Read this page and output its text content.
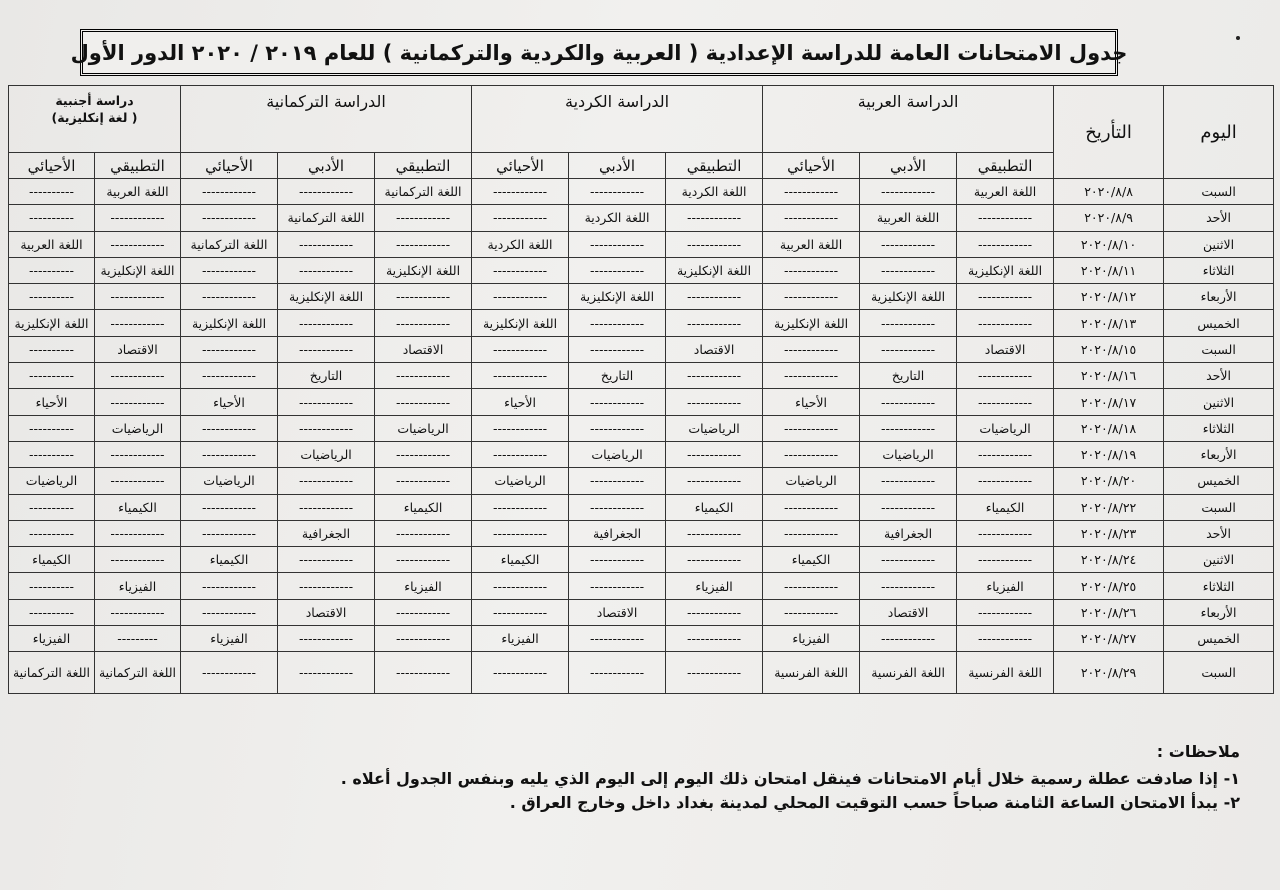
جدول الامتحانات العامة للدراسة الإعدادية ( العربية والكردية والتركمانية ) للعام ٢٠١٩ / ٢٠٢٠ الدور الأول
اليوم	التأريخ	الدراسة العربية			الدراسة الكردية			الدراسة التركمانية			دراسة أجنبية
( لغة إنكليزية)	
		التطبيقي	الأدبي	الأحيائي	التطبيقي	الأدبي	الأحيائي	التطبيقي	الأدبي	الأحيائي	التطبيقي	الأحيائي
السبت	٢٠٢٠/٨/٨	اللغة العربية	------------	------------	اللغة الكردية	------------	------------	اللغة التركمانية	------------	------------	اللغة العربية	----------
الأحد	٢٠٢٠/٨/٩	------------	اللغة العربية	------------	------------	اللغة الكردية	------------	------------	اللغة التركمانية	------------	------------	----------
الاثنين	٢٠٢٠/٨/١٠	------------	------------	اللغة العربية	------------	------------	اللغة الكردية	------------	------------	اللغة التركمانية	------------	اللغة العربية
الثلاثاء	٢٠٢٠/٨/١١	اللغة الإنكليزية	------------	------------	اللغة الإنكليزية	------------	------------	اللغة الإنكليزية	------------	------------	اللغة الإنكليزية	----------
الأربعاء	٢٠٢٠/٨/١٢	------------	اللغة الإنكليزية	------------	------------	اللغة الإنكليزية	------------	------------	اللغة الإنكليزية	------------	------------	----------
الخميس	٢٠٢٠/٨/١٣	------------	------------	اللغة الإنكليزية	------------	------------	اللغة الإنكليزية	------------	------------	اللغة الإنكليزية	------------	اللغة الإنكليزية
السبت	٢٠٢٠/٨/١٥	الاقتصاد	------------	------------	الاقتصاد	------------	------------	الاقتصاد	------------	------------	الاقتصاد	----------
الأحد	٢٠٢٠/٨/١٦	------------	التاريخ	------------	------------	التاريخ	------------	------------	التاريخ	------------	------------	----------
الاثنين	٢٠٢٠/٨/١٧	------------	------------	الأحياء	------------	------------	الأحياء	------------	------------	الأحياء	------------	الأحياء
الثلاثاء	٢٠٢٠/٨/١٨	الرياضيات	------------	------------	الرياضيات	------------	------------	الرياضيات	------------	------------	الرياضيات	----------
الأربعاء	٢٠٢٠/٨/١٩	------------	الرياضيات	------------	------------	الرياضيات	------------	------------	الرياضيات	------------	------------	----------
الخميس	٢٠٢٠/٨/٢٠	------------	------------	الرياضيات	------------	------------	الرياضيات	------------	------------	الرياضيات	------------	الرياضيات
السبت	٢٠٢٠/٨/٢٢	الكيمياء	------------	------------	الكيمياء	------------	------------	الكيمياء	------------	------------	الكيمياء	----------
الأحد	٢٠٢٠/٨/٢٣	------------	الجغرافية	------------	------------	الجغرافية	------------	------------	الجغرافية	------------	------------	----------
الاثنين	٢٠٢٠/٨/٢٤	------------	------------	الكيمياء	------------	------------	الكيمياء	------------	------------	الكيمياء	------------	الكيمياء
الثلاثاء	٢٠٢٠/٨/٢٥	الفيزياء	------------	------------	الفيزياء	------------	------------	الفيزياء	------------	------------	الفيزياء	----------
الأربعاء	٢٠٢٠/٨/٢٦	------------	الاقتصاد	------------	------------	الاقتصاد	------------	------------	الاقتصاد	------------	------------	----------
الخميس	٢٠٢٠/٨/٢٧	------------	------------	الفيزياء	------------	------------	الفيزياء	------------	------------	الفيزياء	---------	الفيزياء
السبت	٢٠٢٠/٨/٢٩	اللغة الفرنسية	اللغة الفرنسية	اللغة الفرنسية	------------	------------	------------	------------	------------	------------	اللغة التركمانية	اللغة التركمانية
ملاحظات :
١- إذا صادفت عطلة رسمية خلال أيام الامتحانات فينقل امتحان ذلك اليوم إلى اليوم الذي يليه وبنفس الجدول أعلاه .
٢- يبدأ الامتحان الساعة الثامنة صباحاً حسب التوقيت المحلي لمدينة بغداد داخل وخارج العراق .
